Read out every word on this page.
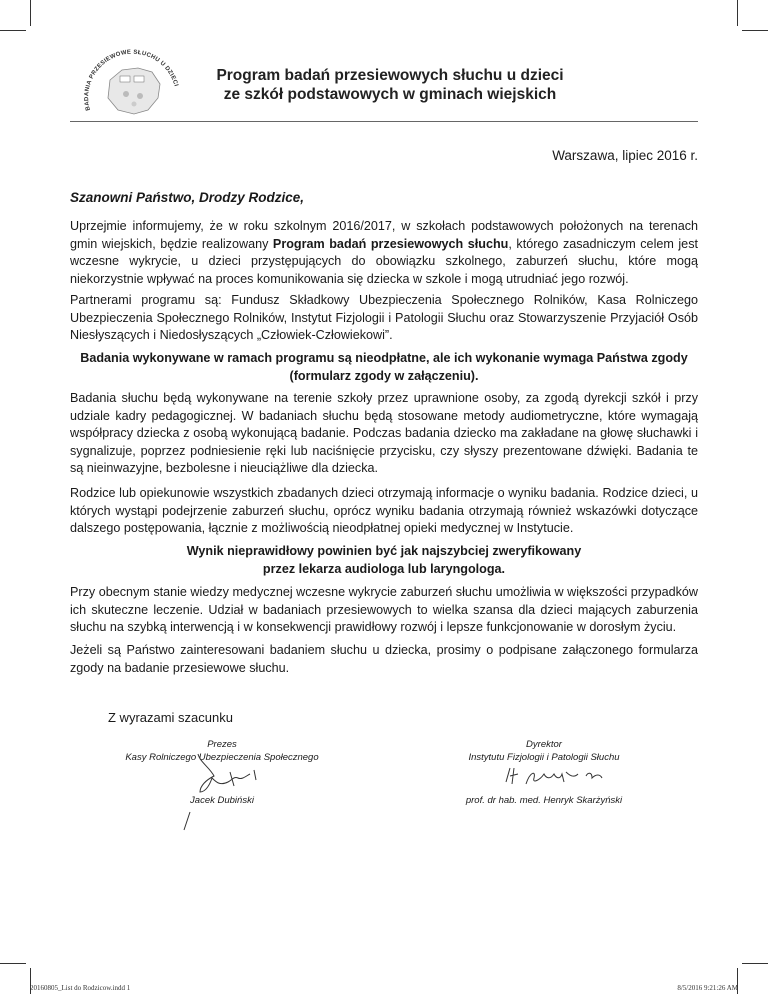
BADANIA PRZESIEWOWE SŁUCHU U DZIECI
Program badań przesiewowych słuchu u dzieci
ze szkół podstawowych w gminach wiejskich
Warszawa, lipiec 2016 r.
Szanowni Państwo, Drodzy Rodzice,

Uprzejmie informujemy, że w roku szkolnym 2016/2017, w szkołach podstawowych położonych na terenach gmin wiejskich, będzie realizowany Program badań przesiewowych słuchu, którego zasadniczym celem jest wczesne wykrycie, u dzieci przystępujących do obowiązku szkolnego, zaburzeń słuchu, które mogą niekorzystnie wpływać na proces komunikowania się dziecka w szkole i mogą utrudniać jego rozwój.

Partnerami programu są: Fundusz Składkowy Ubezpieczenia Społecznego Rolników, Kasa Rolniczego Ubezpieczenia Społecznego Rolników, Instytut Fizjologii i Patologii Słuchu oraz Stowarzyszenie Przyjaciół Osób Niesłyszących i Niedosłyszących „Człowiek-Człowiekowi”.

Badania wykonywane w ramach programu są nieodpłatne, ale ich wykonanie wymaga Państwa zgody
(formularz zgody w załączeniu).

Badania słuchu będą wykonywane na terenie szkoły przez uprawnione osoby, za zgodą dyrekcji szkół i przy udziale kadry pedagogicznej. W badaniach słuchu będą stosowane metody audiometryczne, które wymagają współpracy dziecka z osobą wykonującą badanie. Podczas badania dziecko ma zakładane na głowę słuchawki i sygnalizuje, poprzez podniesienie ręki lub naciśnięcie przycisku, czy słyszy prezentowane dźwięki. Badania te są nieinwazyjne, bezbolesne i nieuciążliwe dla dziecka.

Rodzice lub opiekunowie wszystkich zbadanych dzieci otrzymają informacje o wyniku badania. Rodzice dzieci, u których wystąpi podejrzenie zaburzeń słuchu, oprócz wyniku badania otrzymają również wskazówki dotyczące dalszego postępowania, łącznie z możliwością nieodpłatnej opieki medycznej w Instytucie.

Wynik nieprawidłowy powinien być jak najszybciej zweryfikowany
przez lekarza audiologa lub laryngologa.

Przy obecnym stanie wiedzy medycznej wczesne wykrycie zaburzeń słuchu umożliwia w większości przypadków ich skuteczne leczenie. Udział w badaniach przesiewowych to wielka szansa dla dzieci mających zaburzenia słuchu na szybką interwencją i w konsekwencji prawidłowy rozwój i lepsze funkcjonowanie w dorosłym życiu.

Jeżeli są Państwo zainteresowani badaniem słuchu u dziecka, prosimy o podpisane załączonego formularza zgody na badanie przesiewowe słuchu.

Z wyrazami szacunku
Prezes
Kasy Rolniczego Ubezpieczenia Społecznego
Jacek Dubiński
Dyrektor
Instytutu Fizjologii i Patologii Słuchu
prof. dr hab. med. Henryk Skarżyński
20160805_List do Rodzicow.indd 1	8/5/2016 9:21:26 AM
